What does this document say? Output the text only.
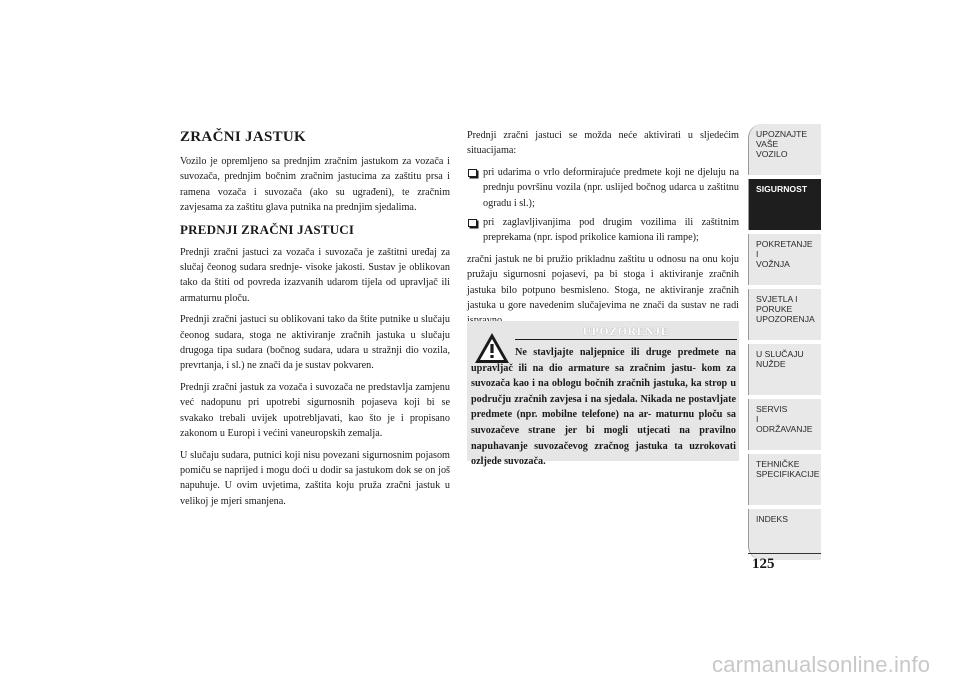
ZRAČNI JASTUK

Vozilo je opremljeno sa prednjim zračnim jastukom za vozača i suvozača, prednjim bočnim zračnim jastucima za zaštitu prsa i ramena vozača i suvozača (ako su ugrađeni), te zračnim zavjesama za zaštitu glava putnika na prednjim sjedalima.

PREDNJI ZRAČNI JASTUCI

Prednji zračni jastuci za vozača i suvozača je zaštitni uređaj za slučaj čeonog sudara srednje- visoke jakosti. Sustav je oblikovan tako da štiti od povreda izazvanih udarom tijela od upravljač ili armaturnu ploču.

Prednji zračni jastuci su oblikovani tako da štite putnike u slučaju čeonog sudara, stoga ne aktiviranje zračnih jastuka u slučaju drugoga tipa sudara (bočnog sudara, udara u stražnji dio vozila, prevrtanja, i sl.) ne znači da je sustav pokvaren.

Prednji zračni jastuk za vozača i suvozača ne predstavlja zamjenu već nadopunu pri upotrebi sigurnosnih pojaseva koji bi se svakako trebali uvijek upotrebljavati, kao što je i propisano zakonom u Europi i većini vaneuropskih zemalja.

U slučaju sudara, putnici koji nisu povezani sigurnosnim pojasom pomiču se naprijed i mogu doći u dodir sa jastukom dok se on još napuhuje. U ovim uvjetima, zaštita koju pruža zračni jastuk u velikoj je mjeri smanjena.

Prednji zračni jastuci se možda neće aktivirati u sljedećim situacijama:

pri udarima o vrlo deformirajuće predmete koji ne djeluju na prednju površinu vozila (npr. uslijed bočnog udarca u zaštitnu ogradu i sl.);
pri zaglavljivanjima pod drugim vozilima ili zaštitnim preprekama (npr. ispod prikolice kamiona ili rampe);

zračni jastuk ne bi pružio prikladnu zaštitu u odnosu na onu koju pružaju sigurnosni pojasevi, pa bi stoga i aktiviranje zračnih jastuka bilo potpuno besmisleno. Stoga, ne aktiviranje zračnih jastuka u gore navedenim slučajevima ne znači da sustav ne radi

UPOZORENJE
Ne stavljajte naljepnice ili druge predmete na upravljač ili na dio armature sa zračnim jastu- kom za suvozača kao i na oblogu bočnih zračnih jastuka, ka strop u području zračnih zavjesa i na sjedala. Nikada ne postavljate predmete (npr. mobilne telefone) na ar- maturnu ploču sa suvozačeve strane jer bi mogli utjecati na pravilno napuhavanje suvozačevog zračnog jastuka ta uzrokovati ozljede suvozača.
UPOZNAJTE
VAŠE
VOZILO
SIGURNOST
POKRETANJE
I
VOŽNJA
SVJETLA I
PORUKE
UPOZORENJA
U SLUČAJU
NUŽDE
SERVIS
I
ODRŽAVANJE
TEHNIČKE
SPECIFIKACIJE
INDEKS
125
carmanualsonline.info
